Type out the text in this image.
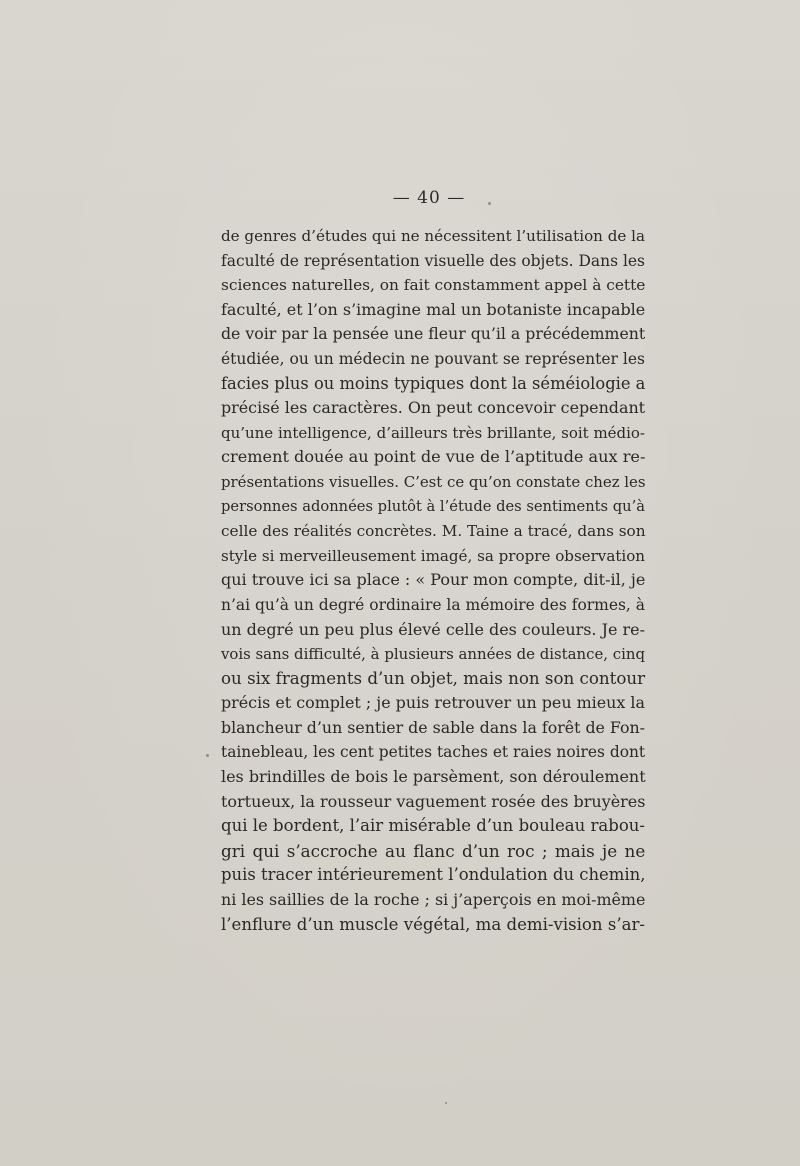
— 40 —
de genres d’études qui ne nécessitent l’utilisation de la
faculté de représentation visuelle des objets. Dans les
sciences naturelles, on fait constamment appel à cette
faculté, et l’on s’imagine mal un botaniste incapable
de voir par la pensée une fleur qu’il a précédemment
étudiée, ou un médecin ne pouvant se représenter les
facies plus ou moins typiques dont la séméiologie a
précisé les caractères. On peut concevoir cependant
qu’une intelligence, d’ailleurs très brillante, soit médio-
crement douée au point de vue de l’aptitude aux re-
présentations visuelles. C’est ce qu’on constate chez les
personnes adonnées plutôt à l’étude des sentiments qu’à
celle des réalités concrètes. M. Taine a tracé, dans son
style si merveilleusement imagé, sa propre observation
qui trouve ici sa place : « Pour mon compte, dit-il, je
n’ai qu’à un degré ordinaire la mémoire des formes, à
un degré un peu plus élevé celle des couleurs. Je re-
vois sans difficulté, à plusieurs années de distance, cinq
ou six fragments d’un objet, mais non son contour
précis et complet ; je puis retrouver un peu mieux la
blancheur d’un sentier de sable dans la forêt de Fon-
tainebleau, les cent petites taches et raies noires dont
les brindilles de bois le parsèment, son déroulement
tortueux, la rousseur vaguement rosée des bruyères
qui le bordent, l’air misérable d’un bouleau rabou-
gri qui s’accroche au flanc d’un roc ; mais je ne
puis tracer intérieurement l’ondulation du chemin,
ni les saillies de la roche ; si j’aperçois en moi-même
l’enflure d’un muscle végétal, ma demi-vision s’ar-
